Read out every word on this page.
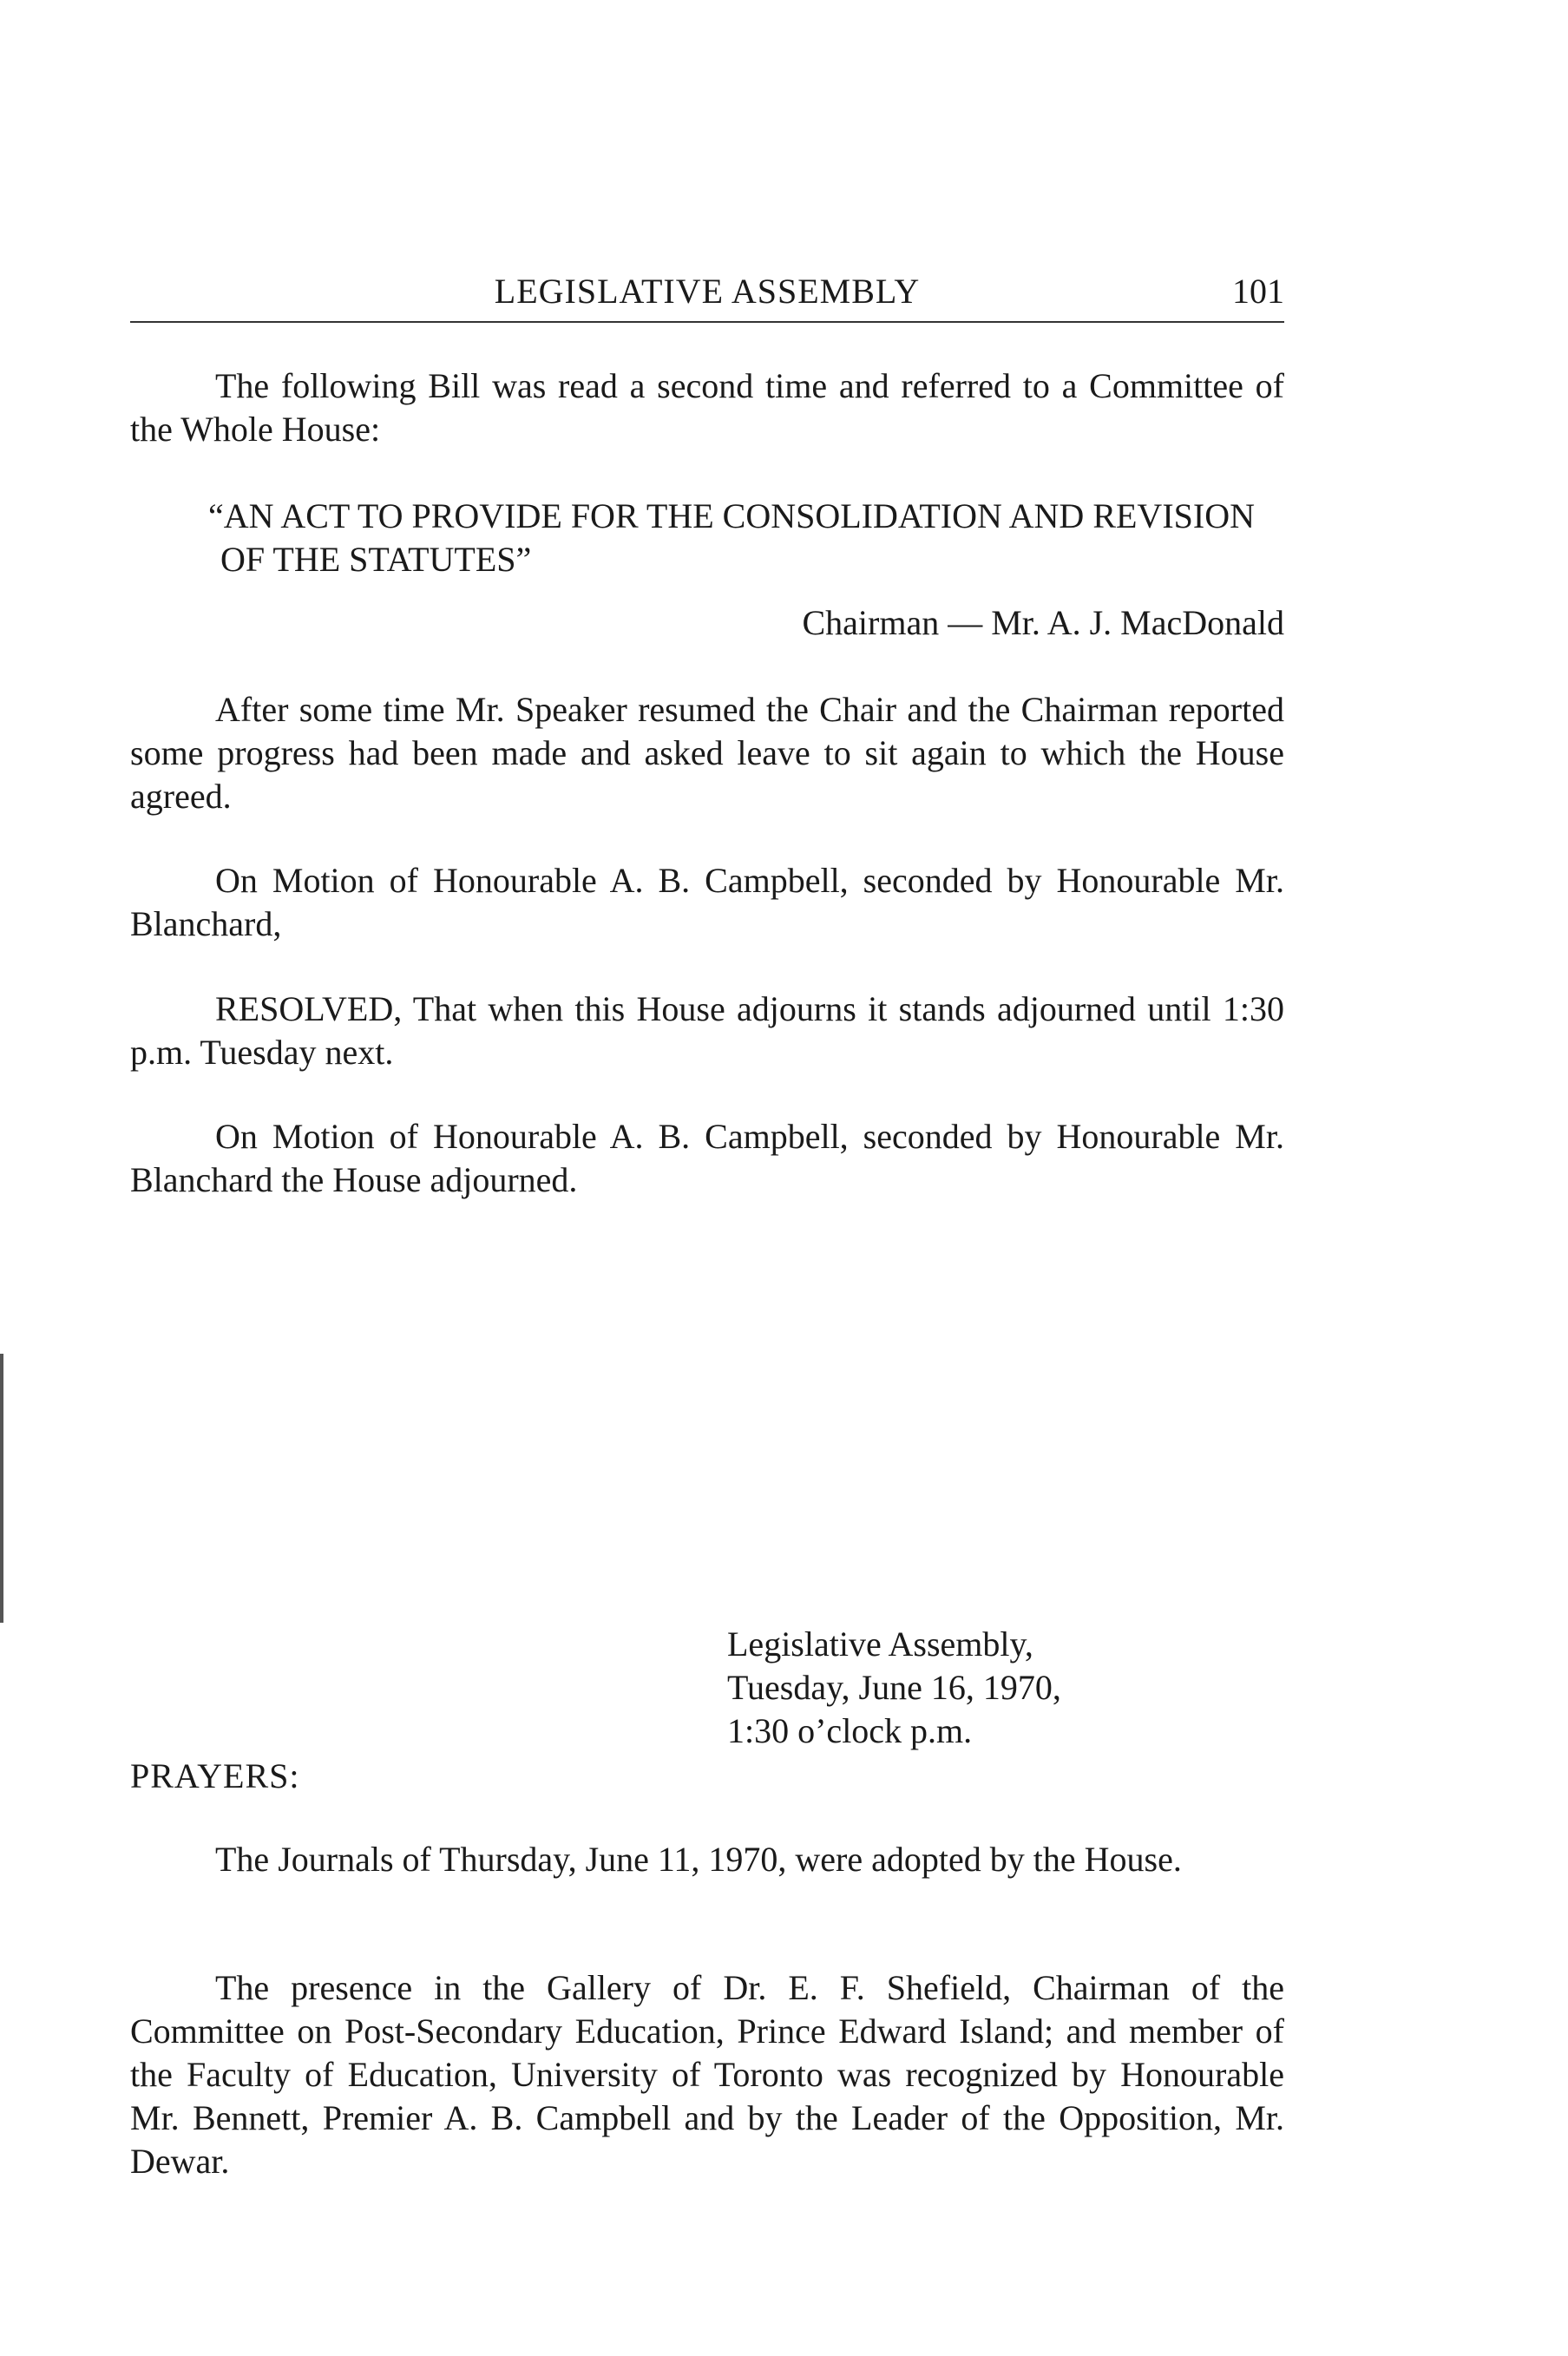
LEGISLATIVE ASSEMBLY	101

The following Bill was read a second time and referred to a Committee of the Whole House:

“AN ACT TO PROVIDE FOR THE CONSOLIDATION AND REVISION OF THE STATUTES”

Chairman — Mr. A. J. MacDonald

After some time Mr. Speaker resumed the Chair and the Chairman reported some progress had been made and asked leave to sit again to which the House agreed.

On Motion of Honourable A. B. Campbell, seconded by Honourable Mr. Blanchard,

RESOLVED, That when this House adjourns it stands adjourned until 1:30 p.m. Tuesday next.

On Motion of Honourable A. B. Campbell, seconded by Honourable Mr. Blanchard the House adjourned.

Legislative Assembly,
Tuesday, June 16, 1970,
1:30 o’clock p.m.
PRAYERS:

The Journals of Thursday, June 11, 1970, were adopted by the House.

The presence in the Gallery of Dr. E. F. Shefield, Chairman of the Committee on Post-Secondary Education, Prince Edward Island; and member of the Faculty of Education, University of Toronto was recognized by Honourable Mr. Bennett, Premier A. B. Campbell and by the Leader of the Opposition, Mr. Dewar.
